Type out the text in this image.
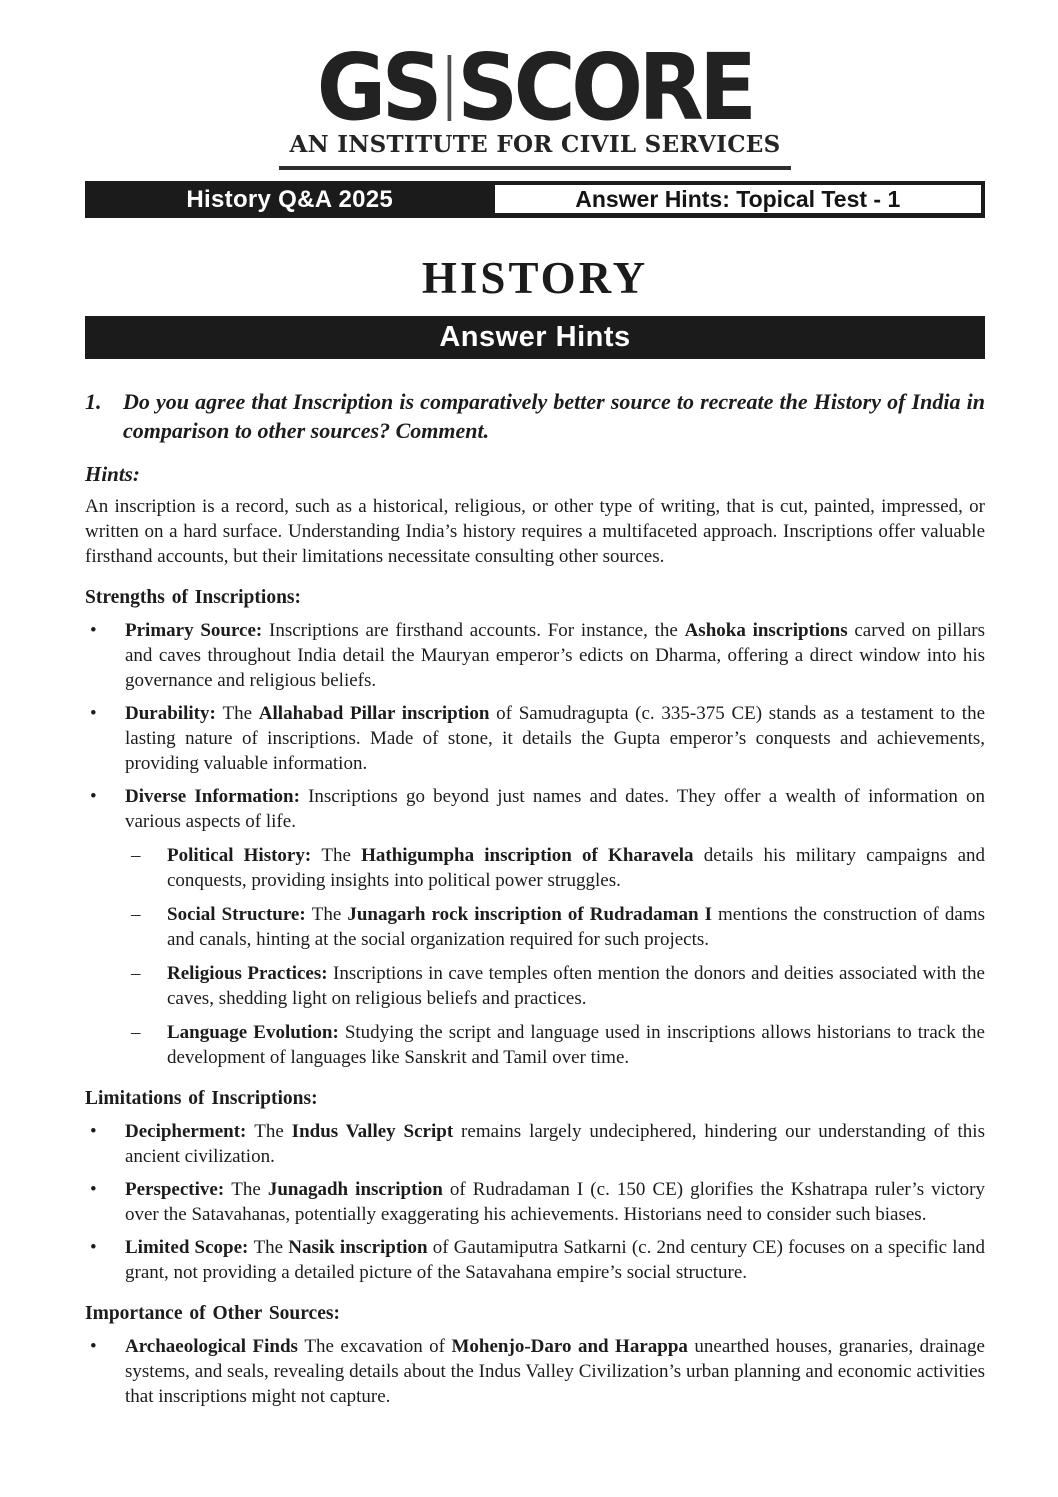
GS SCORE
AN INSTITUTE FOR CIVIL SERVICES
History Q&A 2025	Answer Hints: Topical Test - 1
HISTORY
Answer Hints
1. Do you agree that Inscription is comparatively better source to recreate the History of India in comparison to other sources? Comment.
Hints:

An inscription is a record, such as a historical, religious, or other type of writing, that is cut, painted, impressed, or written on a hard surface. Understanding India’s history requires a multifaceted approach. Inscriptions offer valuable firsthand accounts, but their limitations necessitate consulting other sources.

Strengths of Inscriptions:
•	Primary Source: Inscriptions are firsthand accounts. For instance, the Ashoka inscriptions carved on pillars and caves throughout India detail the Mauryan emperor’s edicts on Dharma, offering a direct window into his governance and religious beliefs.
•	Durability: The Allahabad Pillar inscription of Samudragupta (c. 335-375 CE) stands as a testament to the lasting nature of inscriptions. Made of stone, it details the Gupta emperor’s conquests and achievements, providing valuable information.
•	Diverse Information: Inscriptions go beyond just names and dates. They offer a wealth of information on various aspects of life.
–	Political History: The Hathigumpha inscription of Kharavela details his military campaigns and conquests, providing insights into political power struggles.
–	Social Structure: The Junagarh rock inscription of Rudradaman I mentions the construction of dams and canals, hinting at the social organization required for such projects.
–	Religious Practices: Inscriptions in cave temples often mention the donors and deities associated with the caves, shedding light on religious beliefs and practices.
–	Language Evolution: Studying the script and language used in inscriptions allows historians to track the development of languages like Sanskrit and Tamil over time.
Limitations of Inscriptions:
•	Decipherment: The Indus Valley Script remains largely undeciphered, hindering our understanding of this ancient civilization.
•	Perspective: The Junagadh inscription of Rudradaman I (c. 150 CE) glorifies the Kshatrapa ruler’s victory over the Satavahanas, potentially exaggerating his achievements. Historians need to consider such biases.
•	Limited Scope: The Nasik inscription of Gautamiputra Satkarni (c. 2nd century CE) focuses on a specific land grant, not providing a detailed picture of the Satavahana empire’s social structure.
Importance of Other Sources:
•	Archaeological Finds The excavation of Mohenjo-Daro and Harappa unearthed houses, granaries, drainage systems, and seals, revealing details about the Indus Valley Civilization’s urban planning and economic activities that inscriptions might not capture.
